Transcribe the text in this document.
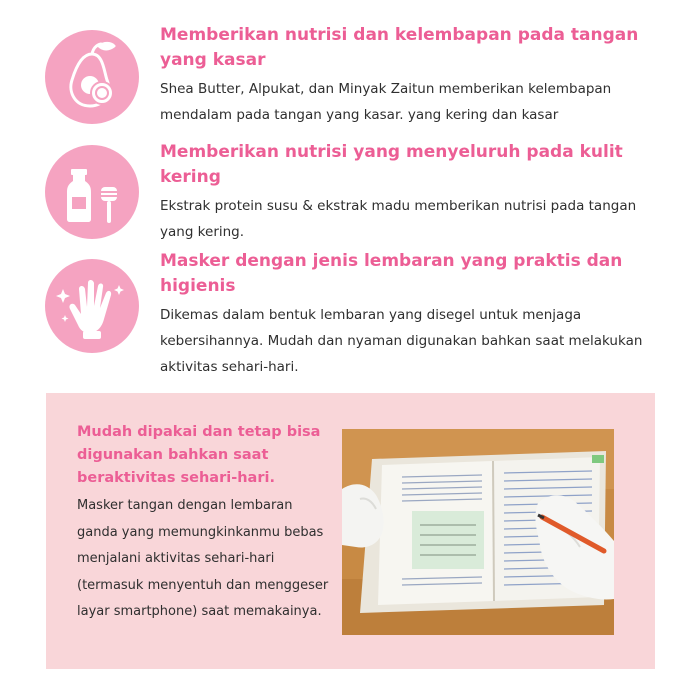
Memberikan nutrisi dan kelembapan pada tangan yang kasar
Shea Butter, Alpukat, dan Minyak Zaitun memberikan kelembapan mendalam pada tangan yang kasar. yang kering dan kasar
Memberikan nutrisi yang menyeluruh pada kulit kering
Ekstrak protein susu & ekstrak madu memberikan nutrisi pada tangan yang kering.
Masker dengan jenis lembaran yang praktis dan higienis
Dikemas dalam bentuk lembaran yang disegel untuk menjaga kebersihannya. Mudah dan nyaman digunakan bahkan saat melakukan aktivitas sehari-hari.
Mudah dipakai dan tetap bisa digunakan bahkan saat beraktivitas sehari-hari.
Masker tangan dengan lembaran ganda yang memungkinkanmu bebas menjalani aktivitas sehari-hari (termasuk menyentuh dan menggeser layar smartphone) saat memakainya.
